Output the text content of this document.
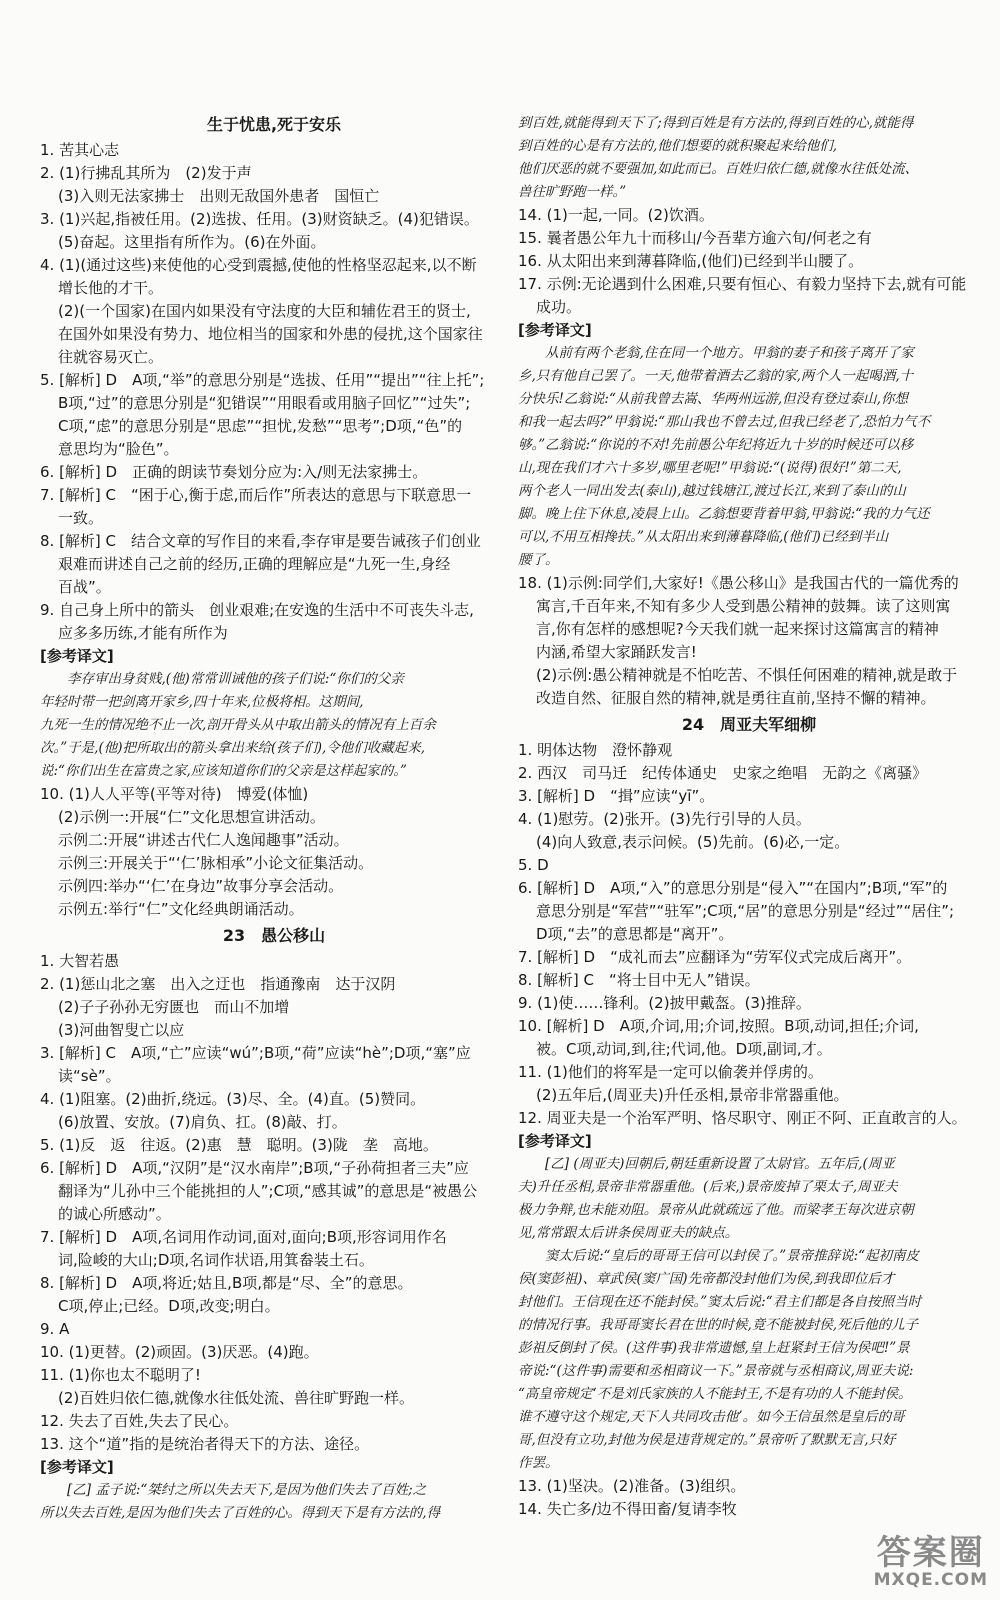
生于忧患,死于安乐
1. 苦其心志
2. (1)行拂乱其所为　(2)发于声
(3)入则无法家拂士　出则无敌国外患者　国恒亡
3. (1)兴起,指被任用。(2)选拔、任用。(3)财资缺乏。(4)犯错误。
(5)奋起。这里指有所作为。(6)在外面。
4. (1)(通过这些)来使他的心受到震撼,使他的性格坚忍起来,以不断
增长他的才干。
(2)(一个国家)在国内如果没有守法度的大臣和辅佐君王的贤士,
在国外如果没有势力、地位相当的国家和外患的侵扰,这个国家往
往就容易灭亡。
5. [解析] D　A项,“举”的意思分别是“选拔、任用”“提出”“往上托”;
B项,“过”的意思分别是“犯错误”“用眼看或用脑子回忆”“过失”;
C项,“虑”的意思分别是“思虑”“担忧,发愁”“思考”;D项,“色”的
意思均为“脸色”。
6. [解析] D　正确的朗读节奏划分应为:入/则无法家拂士。
7. [解析] C　“困于心,衡于虑,而后作”所表达的意思与下联意思一
一致。
8. [解析] C　结合文章的写作目的来看,李存审是要告诫孩子们创业
艰难而讲述自己之前的经历,正确的理解应是“九死一生,身经
百战”。
9. 自己身上所中的箭头　创业艰难;在安逸的生活中不可丧失斗志,
应多多历练,才能有所作为
[参考译文]
　　李存审出身贫贱,(他)常常训诫他的孩子们说:“你们的父亲
年轻时带一把剑离开家乡,四十年来,位极将相。这期间,
九死一生的情况绝不止一次,剖开骨头从中取出箭头的情况有上百余
次。”于是,(他)把所取出的箭头拿出来给(孩子们),令他们收藏起来,
说:“你们出生在富贵之家,应该知道你们的父亲是这样起家的。”
10. (1)人人平等(平等对待)　博爱(体恤)
(2)示例一:开展“仁”文化思想宣讲活动。
示例二:开展“讲述古代仁人逸闻趣事”活动。
示例三:开展关于“‘仁’脉相承”小论文征集活动。
示例四:举办“‘仁’在身边”故事分享会活动。
示例五:举行“仁”文化经典朗诵活动。
23　愚公移山
1. 大智若愚
2. (1)惩山北之塞　出入之迂也　指通豫南　达于汉阴
(2)子子孙孙无穷匮也　而山不加增
(3)河曲智叟亡以应
3. [解析] C　A项,“亡”应读“wú”;B项,“荷”应读“hè”;D项,“塞”应
读“sè”。
4. (1)阻塞。(2)曲折,绕远。(3)尽、全。(4)直。(5)赞同。
(6)放置、安放。(7)肩负、扛。(8)敲、打。
5. (1)反　返　往返。(2)惠　慧　聪明。(3)陇　垄　高地。
6. [解析] D　A项,“汉阴”是“汉水南岸”;B项,“子孙荷担者三夫”应
翻译为“儿孙中三个能挑担的人”;C项,“感其诚”的意思是“被愚公
的诚心所感动”。
7. [解析] D　A项,名词用作动词,面对,面向;B项,形容词用作名
词,险峻的大山;D项,名词作状语,用箕畚装土石。
8. [解析] D　A项,将近;姑且,B项,都是“尽、全”的意思。
C项,停止;已经。D项,改变;明白。
9. A
10. (1)更替。(2)顽固。(3)厌恶。(4)跑。
11. (1)你也太不聪明了!
(2)百姓归依仁德,就像水往低处流、兽往旷野跑一样。
12. 失去了百姓,失去了民心。
13. 这个“道”指的是统治者得天下的方法、途径。
[参考译文]
　　[乙] 孟子说:“桀纣之所以失去天下,是因为他们失去了百姓;之
所以失去百姓,是因为他们失去了百姓的心。得到天下是有方法的,得
到百姓,就能得到天下了;得到百姓是有方法的,得到百姓的心,就能得
到百姓的心是有方法的,他们想要的就积聚起来给他们,
他们厌恶的就不要强加,如此而已。百姓归依仁德,就像水往低处流、
兽往旷野跑一样。”
14. (1)一起,一同。(2)饮酒。
15. 曩者愚公年九十而移山/今吾辈方逾六旬/何老之有
16. 从太阳出来到薄暮降临,(他们)已经到半山腰了。
17. 示例:无论遇到什么困难,只要有恒心、有毅力坚持下去,就有可能
成功。
[参考译文]
　　从前有两个老翁,住在同一个地方。甲翁的妻子和孩子离开了家
乡,只有他自己罢了。一天,他带着酒去乙翁的家,两个人一起喝酒,十
分快乐!乙翁说:“从前我曾去嵩、华两州远游,但没有登过泰山,你想
和我一起去吗?”甲翁说:“那山我也不曾去过,但我已经老了,恐怕力气不
够。”乙翁说:“你说的不对!先前愚公年纪将近九十岁的时候还可以移
山,现在我们才六十多岁,哪里老呢!”甲翁说:“(说得)很好!”第二天,
两个老人一同出发去(泰山),越过钱塘江,渡过长江,来到了泰山的山
脚。晚上住下休息,凌晨上山。乙翁想要背着甲翁,甲翁说:“我的力气还
可以,不用互相搀扶。”从太阳出来到薄暮降临,(他们)已经到半山
腰了。
18. (1)示例:同学们,大家好!《愚公移山》是我国古代的一篇优秀的
寓言,千百年来,不知有多少人受到愚公精神的鼓舞。读了这则寓
言,你有怎样的感想呢?今天我们就一起来探讨这篇寓言的精神
内涵,希望大家踊跃发言!
(2)示例:愚公精神就是不怕吃苦、不惧任何困难的精神,就是敢于
改造自然、征服自然的精神,就是勇往直前,坚持不懈的精神。
24　周亚夫军细柳
1. 明体达物　澄怀静观
2. 西汉　司马迁　纪传体通史　史家之绝唱　无韵之《离骚》
3. [解析] D　“揖”应读“yī”。
4. (1)慰劳。(2)张开。(3)先行引导的人员。
(4)向人致意,表示问候。(5)先前。(6)必,一定。
5. D
6. [解析] D　A项,“入”的意思分别是“侵入”“在国内”;B项,“军”的
意思分别是“军营”“驻军”;C项,“居”的意思分别是“经过”“居住”;
D项,“去”的意思都是“离开”。
7. [解析] D　“成礼而去”应翻译为“劳军仪式完成后离开”。
8. [解析] C　“将士目中无人”错误。
9. (1)使……锋利。(2)披甲戴盔。(3)推辞。
10. [解析] D　A项,介词,用;介词,按照。B项,动词,担任;介词,
被。C项,动词,到,往;代词,他。D项,副词,才。
11. (1)他们的将军是一定可以偷袭并俘虏的。
(2)五年后,(周亚夫)升任丞相,景帝非常器重他。
12. 周亚夫是一个治军严明、恪尽职守、刚正不阿、正直敢言的人。
[参考译文]
　　[乙] (周亚夫)回朝后,朝廷重新设置了太尉官。五年后,(周亚
夫)升任丞相,景帝非常器重他。(后来,)景帝废掉了栗太子,周亚夫
极力争辩,也未能劝阻。景帝从此就疏远了他。而梁孝王每次进京朝
见,常常跟太后讲条侯周亚夫的缺点。
　　窦太后说:“皇后的哥哥王信可以封侯了。”景帝推辞说:“起初南皮
侯(窦彭祖)、章武侯(窦广国)先帝都没封他们为侯,到我即位后才
封他们。王信现在还不能封侯。”窦太后说:“君主们都是各自按照当时
的情况行事。我哥哥窦长君在世的时候,竟不能被封侯,死后他的儿子
彭祖反倒封了侯。(这件事)我非常遗憾,皇上赶紧封王信为侯吧!”景
帝说:“(这件事)需要和丞相商议一下。”景帝就与丞相商议,周亚夫说:
“高皇帝规定‘不是刘氏家族的人不能封王,不是有功的人不能封侯。
谁不遵守这个规定,天下人共同攻击他’。如今王信虽然是皇后的哥
哥,但没有立功,封他为侯是违背规定的。”景帝听了默默无言,只好
作罢。
13. (1)坚决。(2)准备。(3)组织。
14. 失亡多/边不得田畜/复请李牧
答案圈
MXQE.COM
